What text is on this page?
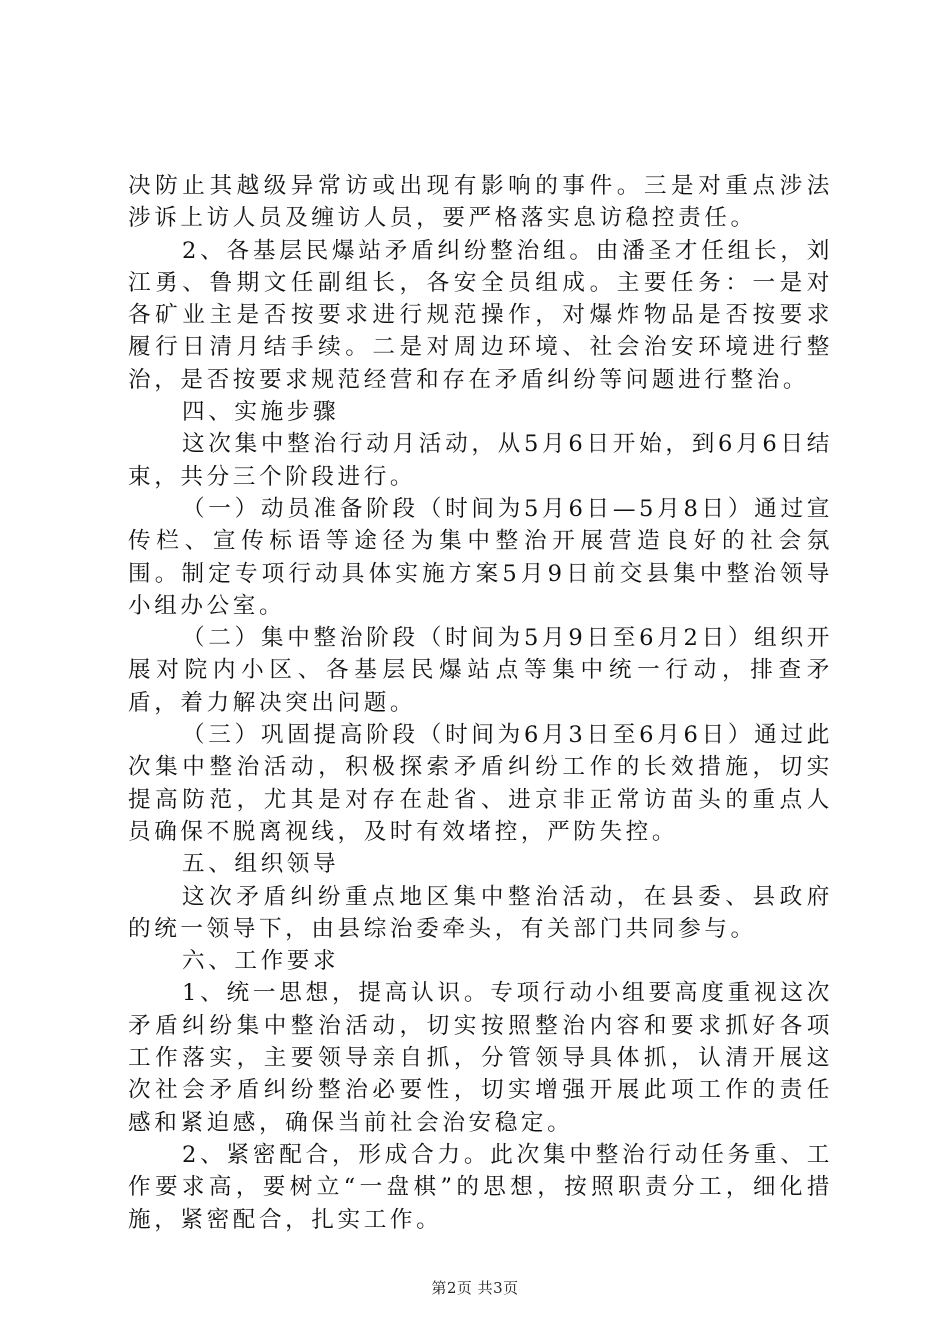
决防止其越级异常访或出现有影响的事件。三是对重点涉法涉诉上访人员及缠访人员，要严格落实息访稳控责任。

2、各基层民爆站矛盾纠纷整治组。由潘圣才任组长，刘江勇、鲁期文任副组长，各安全员组成。主要任务：一是对各矿业主是否按要求进行规范操作，对爆炸物品是否按要求履行日清月结手续。二是对周边环境、社会治安环境进行整治，是否按要求规范经营和存在矛盾纠纷等问题进行整治。

四、实施步骤

这次集中整治行动月活动，从5月6日开始，到6月6日结束，共分三个阶段进行。

（一）动员准备阶段（时间为5月6日—5月8日）通过宣传栏、宣传标语等途径为集中整治开展营造良好的社会氛围。制定专项行动具体实施方案5月9日前交县集中整治领导小组办公室。

（二）集中整治阶段（时间为5月9日至6月2日）组织开展对院内小区、各基层民爆站点等集中统一行动，排查矛盾，着力解决突出问题。

（三）巩固提高阶段（时间为6月3日至6月6日）通过此次集中整治活动，积极探索矛盾纠纷工作的长效措施，切实提高防范，尤其是对存在赴省、进京非正常访苗头的重点人员确保不脱离视线，及时有效堵控，严防失控。

五、组织领导

这次矛盾纠纷重点地区集中整治活动，在县委、县政府的统一领导下，由县综治委牵头，有关部门共同参与。

六、工作要求

1、统一思想，提高认识。专项行动小组要高度重视这次矛盾纠纷集中整治活动，切实按照整治内容和要求抓好各项工作落实，主要领导亲自抓，分管领导具体抓，认清开展这次社会矛盾纠纷整治必要性，切实增强开展此项工作的责任感和紧迫感，确保当前社会治安稳定。

2、紧密配合，形成合力。此次集中整治行动任务重、工作要求高，要树立“一盘棋”的思想，按照职责分工，细化措施，紧密配合，扎实工作。

第2页 共3页
